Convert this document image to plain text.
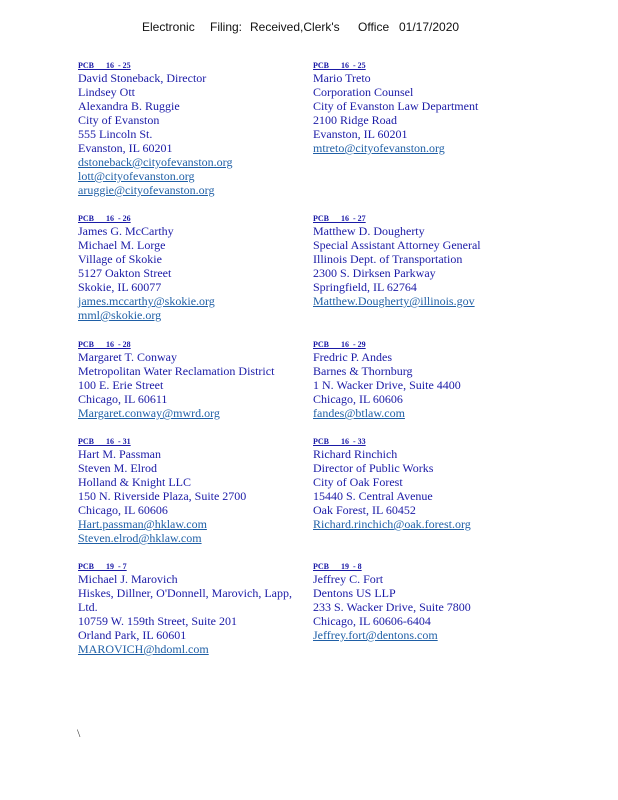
Electronic Filing: Received,Clerk's Office 01/17/2020
PCB      16  - 25
David Stoneback, Director
Lindsey Ott
Alexandra B. Ruggie
City of Evanston
555 Lincoln St.
Evanston, IL 60201
dstoneback@cityofevanston.org
lott@cityofevanston.org
aruggie@cityofevanston.org
PCB      16  - 25
Mario Treto
Corporation Counsel
City of Evanston Law Department
2100 Ridge Road
Evanston, IL 60201
mtreto@cityofevanston.org
PCB      16  - 26
James G. McCarthy
Michael M. Lorge
Village of Skokie
5127 Oakton Street
Skokie, IL 60077
james.mccarthy@skokie.org
mml@skokie.org
PCB      16  - 27
Matthew D. Dougherty
Special Assistant Attorney General
Illinois Dept. of Transportation
2300 S. Dirksen Parkway
Springfield, IL 62764
Matthew.Dougherty@illinois.gov
PCB      16  - 28
Margaret T. Conway
Metropolitan Water Reclamation District
100 E. Erie Street
Chicago, IL 60611
Margaret.conway@mwrd.org
PCB      16  - 29
Fredric P. Andes
Barnes & Thornburg
1 N. Wacker Drive, Suite 4400
Chicago, IL 60606
fandes@btlaw.com
PCB      16  - 31
Hart M. Passman
Steven M. Elrod
Holland & Knight LLC
150 N. Riverside Plaza, Suite 2700
Chicago, IL 60606
Hart.passman@hklaw.com
Steven.elrod@hklaw.com
PCB      16  - 33
Richard Rinchich
Director of Public Works
City of Oak Forest
15440 S. Central Avenue
Oak Forest, IL 60452
Richard.rinchich@oak.forest.org
PCB      19  - 7
Michael J. Marovich
Hiskes, Dillner, O'Donnell, Marovich, Lapp, Ltd.
10759 W. 159th Street, Suite 201
Orland Park, IL 60601
MAROVICH@hdoml.com
PCB      19  - 8
Jeffrey C. Fort
Dentons US LLP
233 S. Wacker Drive, Suite 7800
Chicago, IL 60606-6404
Jeffrey.fort@dentons.com
\
